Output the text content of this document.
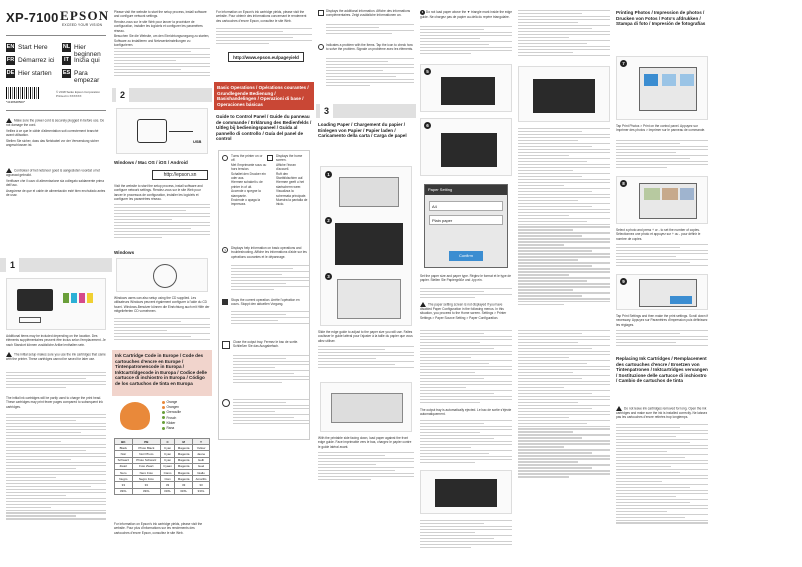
XP-7100 EPSON
EXCEED YOUR VISION
EN Start Here	NL Hier beginnen
FR Démarrez ici	IT Inizia qui
DE Hier starten ES Para empezar
*4138648500*
© 2018 Seiko Epson Corporation
Printed in XXXXXX

Make sure the power cord is securely plugged in before use. Do not damage the cord.

Veillez à ce que le câble d'alimentation soit correctement branché avant utilisation.

Stellen Sie sicher, dass das Netzkabel vor der Verwendung sicher angeschlossen ist.

Controleer of het netsnoer goed is aangesloten voordat u het apparaat gebruikt.

Verificare che il cavo di alimentazione sia collegato saldamente prima dell'uso.

Asegúrese de que el cable de alimentación esté bien enchufado antes de usar.

1
Additional items may be included depending on the location. Des éléments supplémentaires peuvent être inclus selon l'emplacement. Je nach Standort können zusätzliche Artikel enthalten sein.
The initial setup makes sure you use the ink cartridges that came with the printer. These cartridges cannot be saved for later use.
The initial ink cartridges will be partly used to charge the print head. These cartridges may print fewer pages compared to subsequent ink cartridges.

Please visit the website to start the setup process, install software and configure network settings.

Rendez-vous sur le site Web pour lancer la procédure de configuration, installer les logiciels et configurer les paramètres réseau.

Besuchen Sie die Website, um den Einrichtungsvorgang zu starten, Software zu installieren und Netzwerkeinstellungen zu konfigurieren.

2
USB
Windows / Mac OS / iOS / Android
http://epson.sn
Visit the website to start the setup process, install software and configure network settings. Rendez-vous sur le site Web pour lancer le processus de configuration, installer les logiciels et configurer les paramètres réseau.
Windows
Windows users can also setup using the CD supplied. Les utilisateurs Windows peuvent également configurer à l'aide du CD fourni. Windows-Benutzer können die Einrichtung auch mit Hilfe der mitgelieferten CD vornehmen.
Ink Cartridge Code in Europe / Code des cartouches d'encre en Europe / Tintenpatronencode in Europa / Inktcartridgecode in Europa / Codice delle cartucce di inchiostro in Europa / Código de los cartuchos de tinta en Europa
Orange
Orangen
Grenouille
Frosch
Kikker
Rana
BK	PB	C	M	Y
Black	Photo Black	Cyan	Magenta	Yellow
Noir	Noir Photo	Cyan	Magenta	Jaune
Schwarz	Photo Schwarz	Cyan	Magenta	Gelb
Zwart	Foto Zwart	Cyaan	Magenta	Geel
Nero	Nero Foto	Ciano	Magenta	Giallo
Negro	Negro Foto	Cian	Magenta	Amarillo
33	33	33	33	33
33XL	33XL	33XL	33XL	33XL
For information on Epson's ink cartridge yields, please visit the website. Pour plus d'informations sur les rendements des cartouches d'encre Epson, consultez le site Web.
For information on Epson's ink cartridge yields, please visit the website. Pour obtenir des informations concernant le rendement des cartouches d'encre Epson, consultez le site Web.
http://www.epson.eu/pageyield
Basic Operations / Opérations courantes / Grundlegende Bedienung / Basishandelingen / Operazioni di base / Operaciones básicas
Guide to Control Panel / Guide du panneau de commande / Erklärung des Bedienfelds / Uitleg bij bedieningspaneel / Guida al pannello di controllo / Guía del panel de control
Turns the printer on or off.
Met l'imprimante sous ou hors tension.
Schaltet den Drucker ein oder aus.
Hiermee schakelt u de printer in of uit.
Accende o spegne la stampante.
Enciende o apaga la impresora.
Displays the home screen.
Affiche l'écran d'accueil.
Ruft den Startbildschirm auf.
Hiermee geeft u het startscherm weer.
Visualizza la schermata principale.
Muestra la pantalla de inicio.
?	Displays help information on basic operations and troubleshooting. Affiche les informations d'aide sur les opérations courantes et le dépannage.
Stops the current operation. Arrête l'opération en cours. Stoppt den aktuellen Vorgang.
Close the output tray. Fermez le bac de sortie. Schließen Sie das Ausgabefach.
Displays the additional information. Affiche des informations complémentaires. Zeigt zusätzliche Informationen an.
Indicates a problem with the Items. Tap the icon to check how to solve the problem. Signale un problème avec les éléments.
3
Loading Paper / Chargement du papier / Einlegen von Papier / Papier laden / Caricamento della carta / Carga de papel
1
2
3
Slide the edge guide to adjust to the paper size you will use. Faites coulisser le guide latéral pour l'ajuster à la taille du papier que vous allez utiliser.
With the printable side facing down, load paper against the front edge guide. Face imprimable vers le bas, chargez le papier contre le guide latéral avant.
1 Do not load paper above the ▼ triangle mark inside the edge guide. Ne chargez pas de papier au-delà du repère triangulaire.
5
6
Paper Setting
A4
Plain paper
Confirm
Set the paper size and paper type. Réglez le format et le type de papier. Stellen Sie Papiergröße und -typ ein.
The paper setting screen is not displayed if you have disabled Paper Configuration in the following menus. In this situation, you proceed to the Home screen. Settings > Printer Settings > Paper Source Setting > Paper Configuration.
The output tray is automatically ejected. Le bac de sortie s'éjecte automatiquement.
Printing Photos / Impression de photos / Drucken von Fotos / Foto's afdrukken / Stampa di foto / Impresión de fotografías
7
Tap Print Photos > Print on the control panel. Appuyez sur Imprimer des photos > Imprimer sur le panneau de commande.
8
Select a photo and press + or - to set the number of copies. Sélectionnez une photo et appuyez sur + ou - pour définir le nombre de copies.
9
Tap Print Settings and then make the print settings. Scroll down if necessary. Appuyez sur Paramètres d'impression puis définissez les réglages.
Replacing Ink Cartridges / Remplacement des cartouches d'encre / Ersetzen von Tintenpatronen / Inktcartridges vervangen / Sostituzione delle cartucce di inchiostro / Cambio de cartuchos de tinta
Do not leave ink cartridges removed for long. Open the ink cartridges and make sure the ink is installed correctly. Ne laissez pas les cartouches d'encre retirées trop longtemps.
